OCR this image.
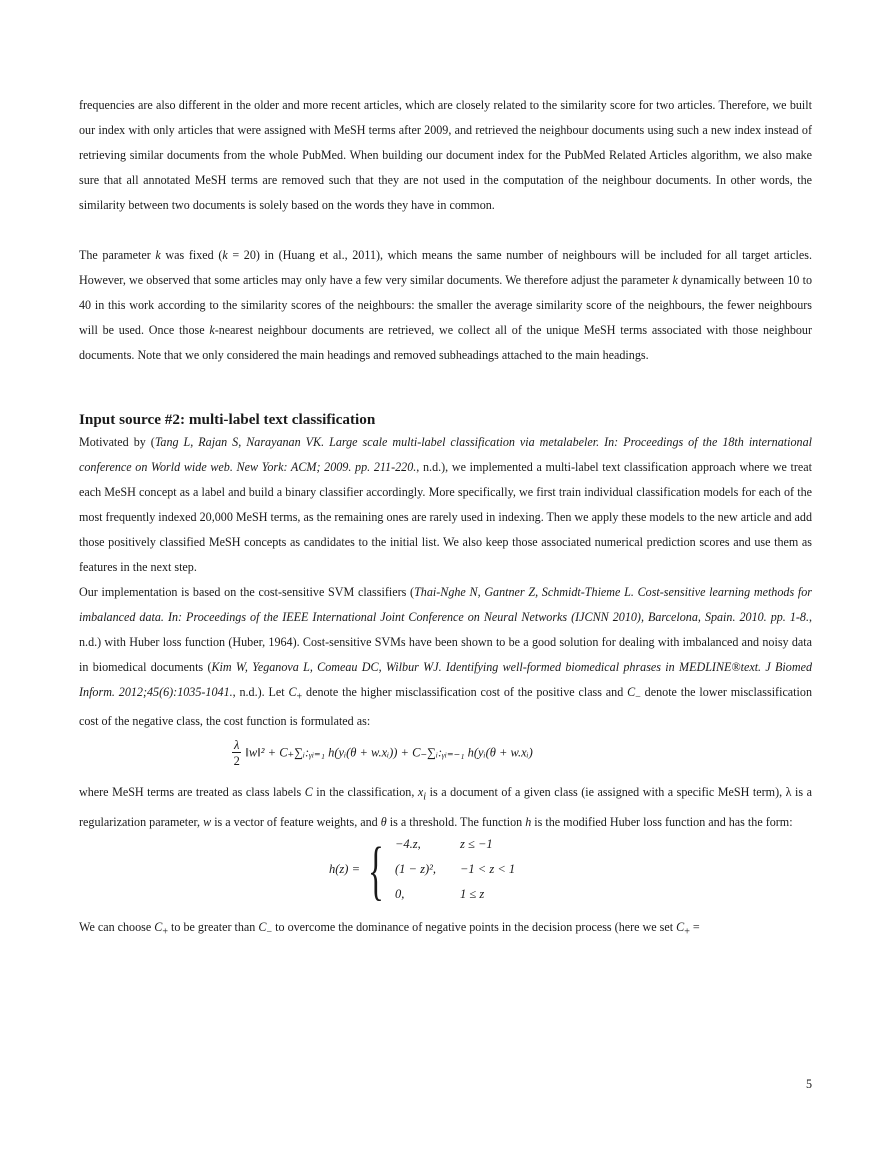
frequencies are also different in the older and more recent articles, which are closely related to the similarity score for two articles. Therefore, we built our index with only articles that were assigned with MeSH terms after 2009, and retrieved the neighbour documents using such a new index instead of retrieving similar documents from the whole PubMed. When building our document index for the PubMed Related Articles algorithm, we also make sure that all annotated MeSH terms are removed such that they are not used in the computation of the neighbour documents. In other words, the similarity between two documents is solely based on the words they have in common.

The parameter k was fixed (k = 20) in (Huang et al., 2011), which means the same number of neighbours will be included for all target articles. However, we observed that some articles may only have a few very similar documents. We therefore adjust the parameter k dynamically between 10 to 40 in this work according to the similarity scores of the neighbours: the smaller the average similarity score of the neighbours, the fewer neighbours will be used. Once those k-nearest neighbour documents are retrieved, we collect all of the unique MeSH terms associated with those neighbour documents. Note that we only considered the main headings and removed subheadings attached to the main headings.

Input source #2: multi-label text classification

Motivated by (Tang L, Rajan S, Narayanan VK. Large scale multi-label classification via metalabeler. In: Proceedings of the 18th international conference on World wide web. New York: ACM; 2009. pp. 211-220., n.d.), we implemented a multi-label text classification approach where we treat each MeSH concept as a label and build a binary classifier accordingly. More specifically, we first train individual classification models for each of the most frequently indexed 20,000 MeSH terms, as the remaining ones are rarely used in indexing. Then we apply these models to the new article and add those positively classified MeSH concepts as candidates to the initial list. We also keep those associated numerical prediction scores and use them as features in the next step.

Our implementation is based on the cost-sensitive SVM classifiers (Thai-Nghe N, Gantner Z, Schmidt-Thieme L. Cost-sensitive learning methods for imbalanced data. In: Proceedings of the IEEE International Joint Conference on Neural Networks (IJCNN 2010), Barcelona, Spain. 2010. pp. 1-8., n.d.) with Huber loss function (Huber, 1964). Cost-sensitive SVMs have been shown to be a good solution for dealing with imbalanced and noisy data in biomedical documents (Kim W, Yeganova L, Comeau DC, Wilbur WJ. Identifying well-formed biomedical phrases in MEDLINE®text. J Biomed Inform. 2012;45(6):1035-1041., n.d.). Let $C_+$ denote the higher misclassification cost of the positive class and $C_-$ denote the lower misclassification cost of the negative class, the cost function is formulated as:

$\frac{\lambda}{2}$ ‖w‖² + C₊∑ᵢ:ᵧᵢ₌₁ h(yᵢ(θ + w.xᵢ)) + C₋∑ᵢ:ᵧᵢ₌₋₁ h(yᵢ(θ + w.xᵢ)

where MeSH terms are treated as class labels C in the classification, $x_i$ is a document of a given class (ie assigned with a specific MeSH term), λ is a regularization parameter, w is a vector of feature weights, and θ is a threshold. The function h is the modified Huber loss function and has the form:

h(z) = { −4.z,	z ≤ −1
(1 − z)², −1 < z < 1
0,	1 ≤ z

We can choose $C_+$ to be greater than $C_-$ to overcome the dominance of negative points in the decision process (here we set $C_+$ =

5
